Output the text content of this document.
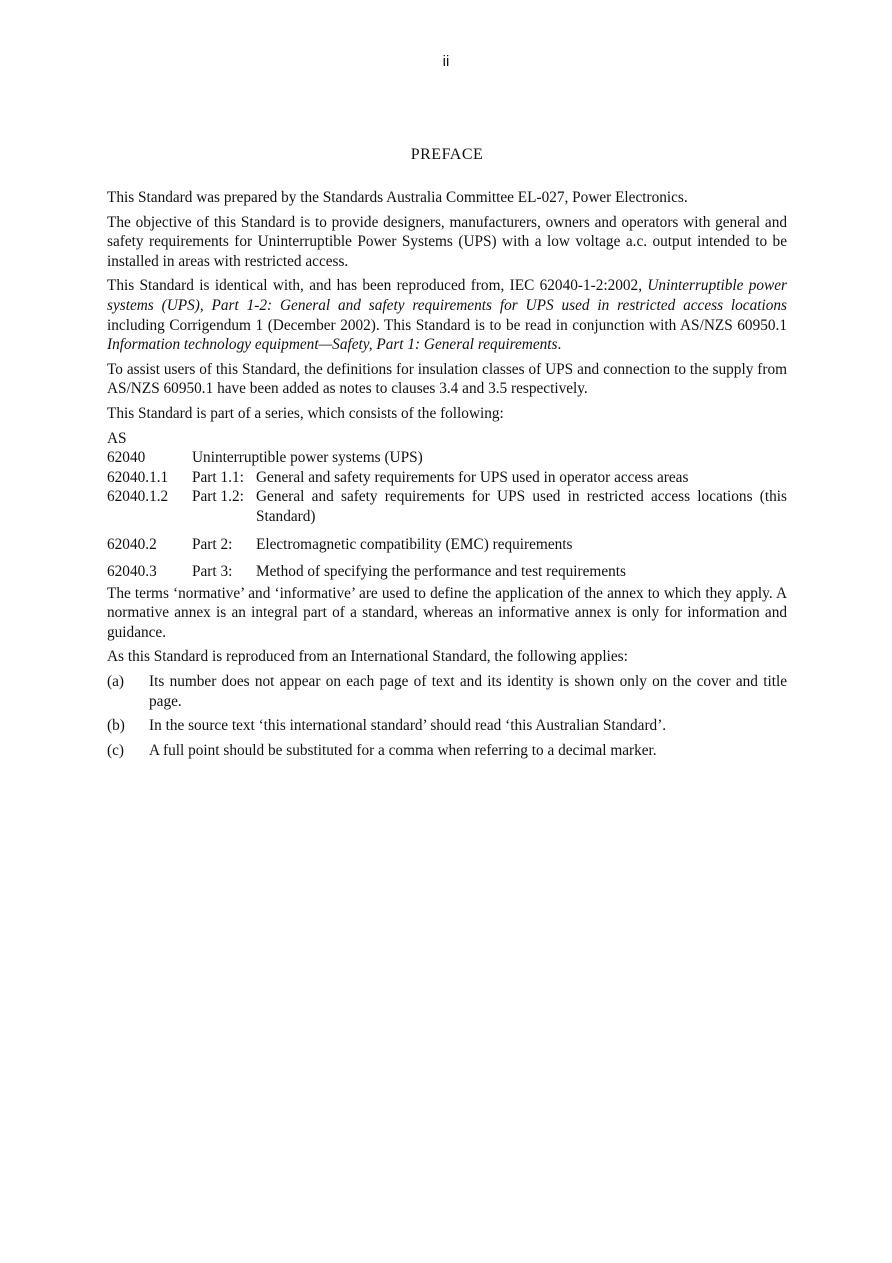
ii
PREFACE

This Standard was prepared by the Standards Australia Committee EL-027, Power Electronics.

The objective of this Standard is to provide designers, manufacturers, owners and operators with general and safety requirements for Uninterruptible Power Systems (UPS) with a low voltage a.c. output intended to be installed in areas with restricted access.

This Standard is identical with, and has been reproduced from, IEC 62040-1-2:2002, Uninterruptible power systems (UPS), Part 1-2: General and safety requirements for UPS used in restricted access locations including Corrigendum 1 (December 2002). This Standard is to be read in conjunction with AS/NZS 60950.1 Information technology equipment—Safety, Part 1: General requirements.

To assist users of this Standard, the definitions for insulation classes of UPS and connection to the supply from AS/NZS 60950.1 have been added as notes to clauses 3.4 and 3.5 respectively.

This Standard is part of a series, which consists of the following:

AS
62040	Uninterruptible power systems (UPS)
62040.1.1	Part 1.1: General and safety requirements for UPS used in operator access areas
62040.1.2	Part 1.2: General and safety requirements for UPS used in restricted access locations (this Standard)
62040.2	Part 2:	Electromagnetic compatibility (EMC) requirements
62040.3	Part 3:	Method of specifying the performance and test requirements

The terms ‘normative’ and ‘informative’ are used to define the application of the annex to which they apply. A normative annex is an integral part of a standard, whereas an informative annex is only for information and guidance.

As this Standard is reproduced from an International Standard, the following applies:

(a)	Its number does not appear on each page of text and its identity is shown only on the cover and title page.
(b)	In the source text ‘this international standard’ should read ‘this Australian Standard’.
(c)	A full point should be substituted for a comma when referring to a decimal marker.
